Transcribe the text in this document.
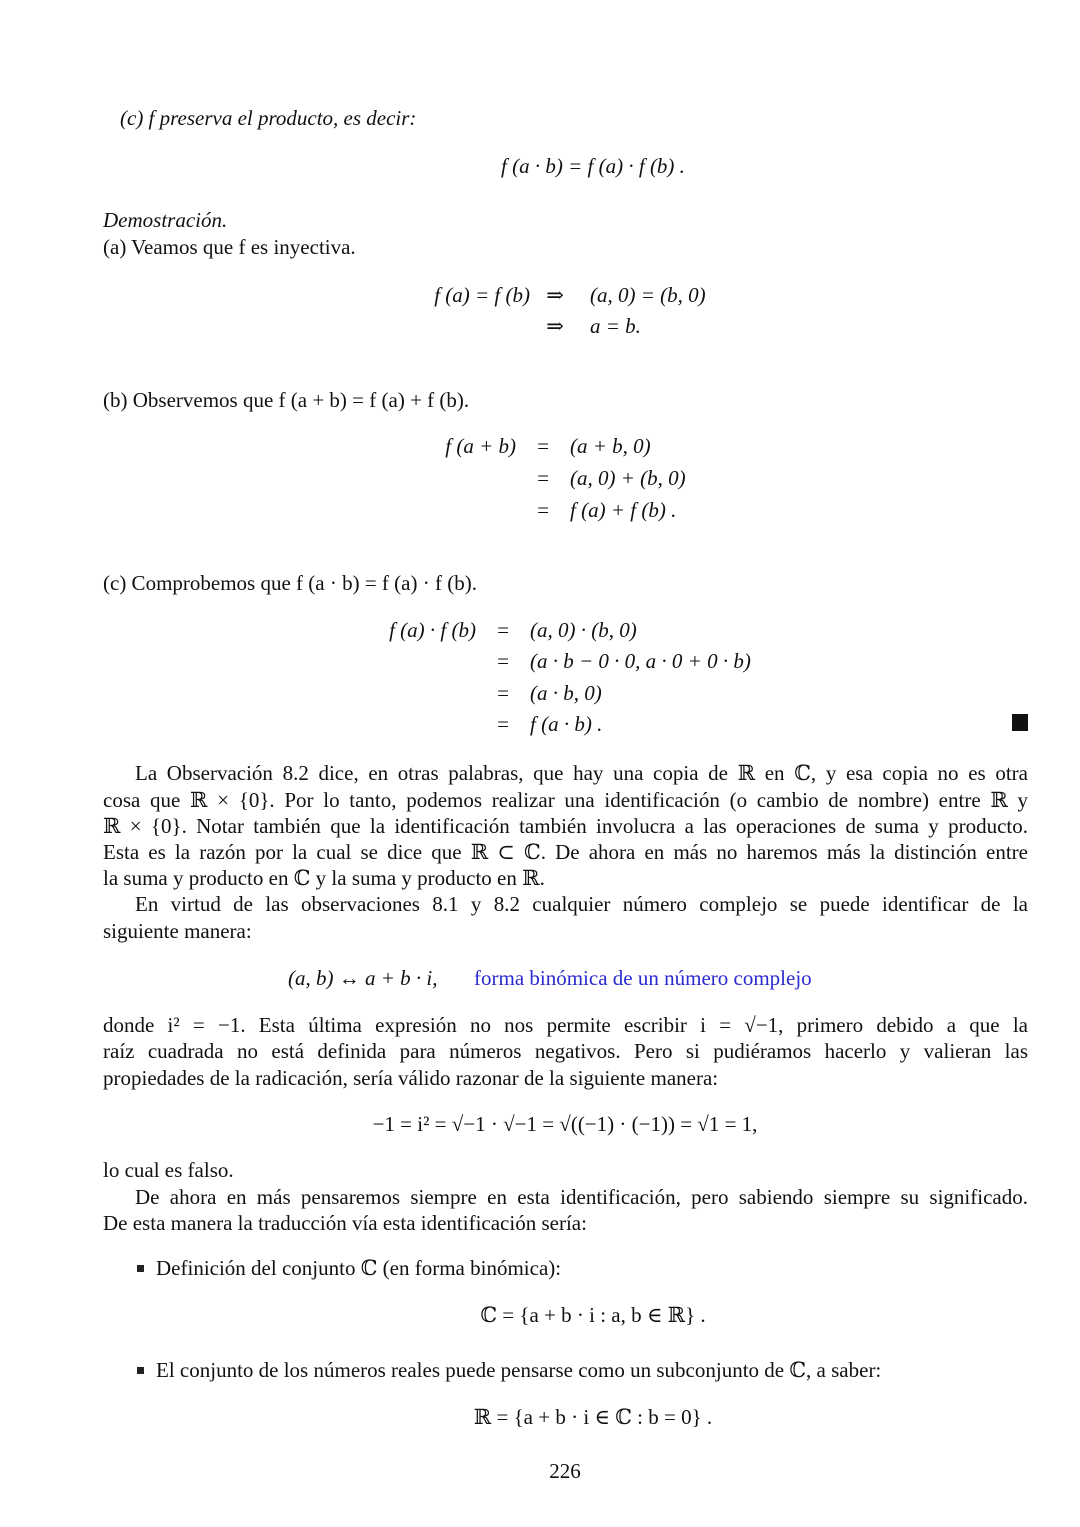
(c) f preserva el producto, es decir:
f (a · b) = f (a) · f (b) .
Demostración.
(a) Veamos que f es inyectiva.
f (a) = f (b) ⇒ (a, 0) = (b, 0)
⇒ a = b.
(b) Observemos que f (a + b) = f (a) + f (b).
f (a + b)	=	(a + b, 0)
=	(a, 0) + (b, 0)
=	f (a) + f (b) .
(c) Comprobemos que f (a · b) = f (a) · f (b).
f (a) · f (b)	=	(a, 0) · (b, 0)
=	(a · b − 0 · 0, a · 0 + 0 · b)
=	(a · b, 0)
=	f (a · b) .
La Observación 8.2 dice, en otras palabras, que hay una copia de ℝ en ℂ, y esa copia no es otra
cosa que ℝ × {0}. Por lo tanto, podemos realizar una identificación (o cambio de nombre) entre ℝ y
ℝ × {0}. Notar también que la identificación también involucra a las operaciones de suma y producto.
Esta es la razón por la cual se dice que ℝ ⊂ ℂ. De ahora en más no haremos más la distinción entre
la suma y producto en ℂ y la suma y producto en ℝ.
En virtud de las observaciones 8.1 y 8.2 cualquier número complejo se puede identificar de la
siguiente manera:
(a, b) ↔ a + b · i, forma binómica de un número complejo
donde i² = −1. Esta última expresión no nos permite escribir i = √−1, primero debido a que la
raíz cuadrada no está definida para números negativos. Pero si pudiéramos hacerlo y valieran las
propiedades de la radicación, sería válido razonar de la siguiente manera:
−1 = i² = √−1 · √−1 = √((−1) · (−1)) = √1 = 1,
lo cual es falso.
De ahora en más pensaremos siempre en esta identificación, pero sabiendo siempre su significado.
De esta manera la traducción vía esta identificación sería:
Definición del conjunto ℂ (en forma binómica):
ℂ = {a + b · i : a, b ∈ ℝ} .
El conjunto de los números reales puede pensarse como un subconjunto de ℂ, a saber:
ℝ = {a + b · i ∈ ℂ : b = 0} .
226
